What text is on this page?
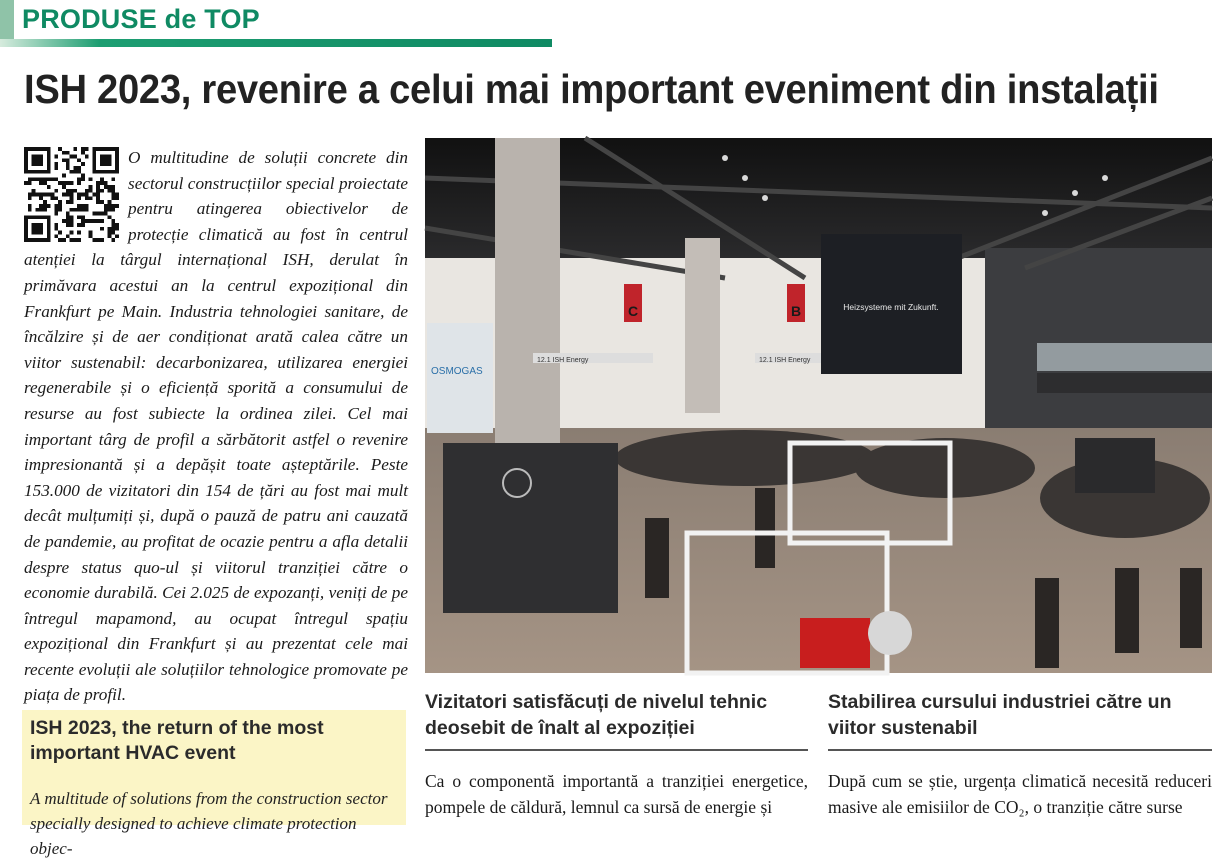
PRODUSE de TOP
ISH 2023, revenire a celui mai important eveniment din instalații
O multitudine de soluții concrete din sectorul construcțiilor special proiectate pentru atingerea obiectivelor de protecție climatică au fost în centrul atenției la târgul internațional ISH, derulat în primăvara acestui an la centrul expozițional din Frankfurt pe Main. Industria tehnologiei sanitare, de încălzire și de aer condiționat arată calea către un viitor sustenabil: decarbonizarea, utilizarea energiei regenerabile și o eficiență sporită a consumului de resurse au fost subiecte la ordinea zilei. Cel mai important târg de profil a sărbătorit astfel o revenire impresionantă și a depășit toate așteptările. Peste 153.000 de vizitatori din 154 de țări au fost mai mult decât mulțumiți și, după o pauză de patru ani cauzată de pandemie, au profitat de ocazie pentru a afla detalii despre status quo-ul și viitorul tranziției către o economie durabilă. Cei 2.025 de expozanți, veniți de pe întregul mapamond, au ocupat întregul spațiu expozițional din Frankfurt și au prezentat cele mai recente evoluții ale soluțiilor tehnologice promovate pe piața de profil.
ISH 2023, the return of the most important HVAC event
A multitude of solutions from the construction sector specially designed to achieve climate protection objec-
C	B
12.1 ISH Energy	12.1 ISH Energy
OSMOGAS
Heizsysteme mit Zukunft.
Vizitatori satisfăcuți de nivelul tehnic deosebit de înalt al expoziției
Ca o componentă importantă a tranziției energetice, pompele de căldură, lemnul ca sursă de energie și
Stabilirea cursului industriei către un viitor sustenabil
După cum se știe, urgența climatică necesită reduceri masive ale emisiilor de CO₂, o tranziție către surse
